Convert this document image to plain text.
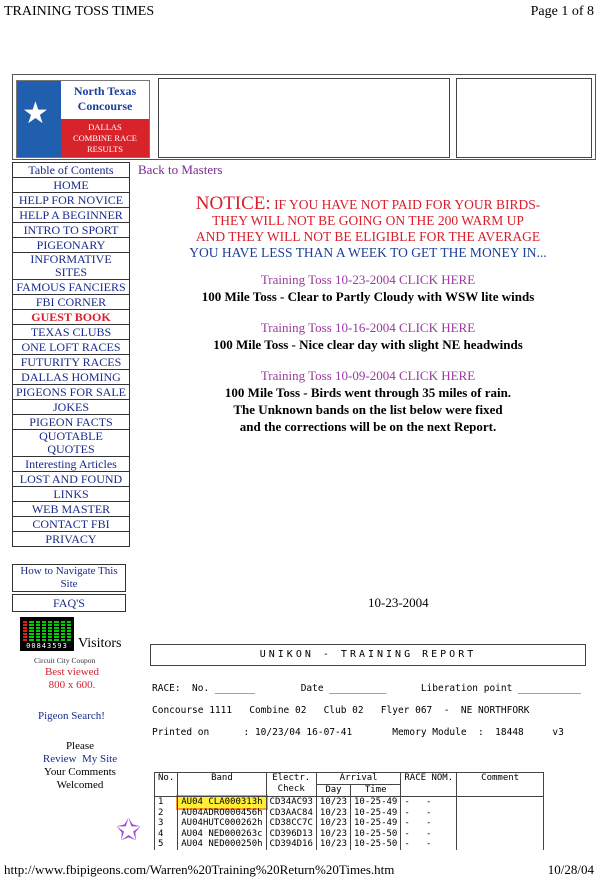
TRAINING TOSS TIMES	Page 1 of 8
http://www.fbipigeons.com/Warren%20Training%20Return%20Times.htm	10/28/04
★
North Texas
Concourse
DALLAS
COMBINE RACE
RESULTS
Table of Contents
HOME
HELP FOR NOVICE
HELP A BEGINNER
INTRO TO SPORT
PIGEONARY
INFORMATIVE SITES
FAMOUS FANCIERS
FBI CORNER
GUEST BOOK
TEXAS CLUBS
ONE LOFT RACES
FUTURITY RACES
DALLAS HOMING
PIGEONS FOR SALE
JOKES
PIGEON FACTS
QUOTABLE QUOTES
Interesting Articles
LOST AND FOUND
LINKS
WEB MASTER
CONTACT FBI
PRIVACY
How to Navigate This Site
FAQ'S
00843593 Visitors
Circuit City Coupon
Best viewed
800 x 600.
Pigeon Search!
Please
Review My Site
Your Comments
Welcomed
Back to Masters
NOTICE: IF YOU HAVE NOT PAID FOR YOUR BIRDS-
THEY WILL NOT BE GOING ON THE 200 WARM UP
AND THEY WILL NOT BE ELIGIBLE FOR THE AVERAGE
YOU HAVE LESS THAN A WEEK TO GET THE MONEY IN...
Training Toss 10-23-2004 CLICK HERE
100 Mile Toss - Clear to Partly Cloudy with WSW lite winds
Training Toss 10-16-2004 CLICK HERE
100 Mile Toss - Nice clear day with slight NE headwinds
Training Toss 10-09-2004 CLICK HERE
100 Mile Toss - Birds went through 35 miles of rain.
The Unknown bands on the list below were fixed
and the corrections will be on the next Report.
10-23-2004
UNIKON - TRAINING REPORT
RACE:  No. _______        Date __________      Liberation point ___________
Concourse 1111   Combine 02   Club 02   Flyer 067  -  NE NORTHFORK
Printed on      : 10/23/04 16-07-41       Memory Module  :  18448     v3
No.	Band	Electr.
Check	Arrival		RACE NOM.	Comment
			Day	Time		
1	AU04 CLA000313h	CD34AC93	10/23	10-25-49	- -	
2	AU04ADRO000456h	CD3AAC84	10/23	10-25-49	- -	
3	AU04HUTC000262h	CD38CC7C	10/23	10-25-49	- -	
4	AU04 NED000263c	CD396D13	10/23	10-25-50	- -	
5	AU04 NED000250h	CD394D16	10/23	10-25-50	- -	
✩
